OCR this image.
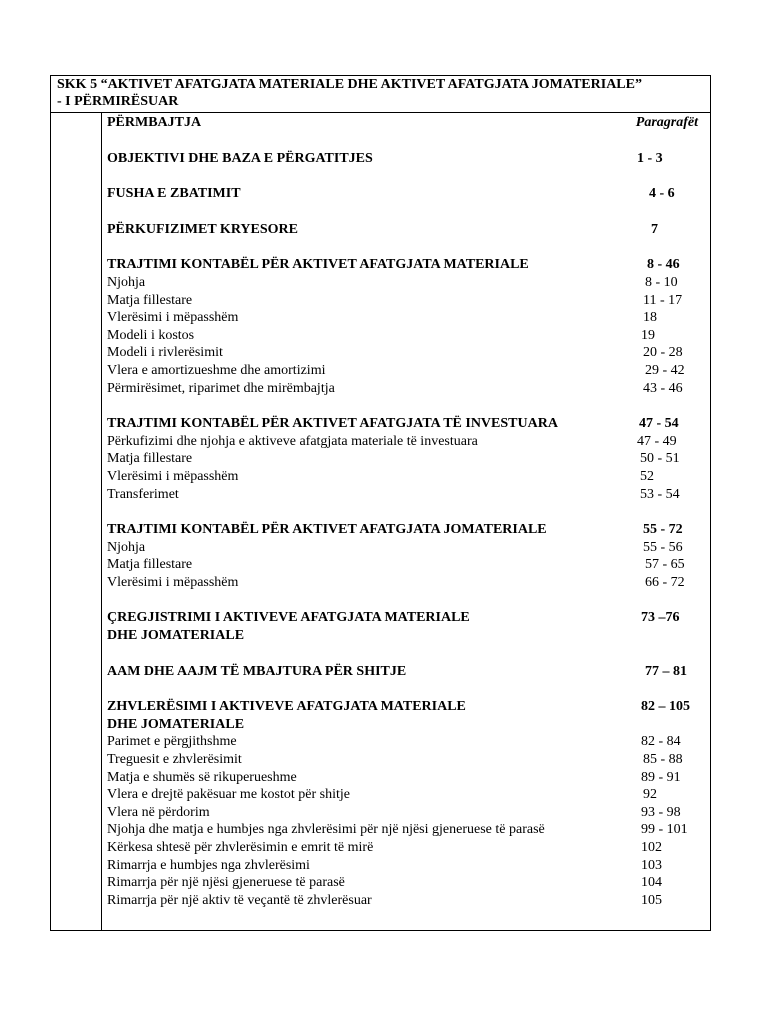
SKK 5 “AKTIVET AFATGJATA MATERIALE DHE AKTIVET AFATGJATA JOMATERIALE”
- I PËRMIRËSUAR
PËRMBAJTJA	Paragrafët
OBJEKTIVI DHE BAZA E PËRGATITJES	1 - 3
FUSHA E ZBATIMIT	4 - 6
PËRKUFIZIMET KRYESORE	7
TRAJTIMI KONTABËL PËR AKTIVET AFATGJATA MATERIALE	8 - 46
Njohja	8 - 10
Matja fillestare	11 - 17
Vlerësimi i mëpasshëm	18
Modeli i kostos	19
Modeli i rivlerësimit	20 - 28
Vlera e amortizueshme dhe amortizimi	29 - 42
Përmirësimet, riparimet dhe mirëmbajtja	43 - 46
TRAJTIMI KONTABËL PËR AKTIVET AFATGJATA TË INVESTUARA	47 - 54
Përkufizimi dhe njohja e aktiveve afatgjata materiale të investuara	47 - 49
Matja fillestare	50 - 51
Vlerësimi i mëpasshëm	52
Transferimet	53 - 54
TRAJTIMI KONTABËL PËR AKTIVET AFATGJATA JOMATERIALE	55 - 72
Njohja	55 - 56
Matja fillestare	57 - 65
Vlerësimi i mëpasshëm	66 - 72
ÇREGJISTRIMI I AKTIVEVE AFATGJATA MATERIALE	73 –76
DHE JOMATERIALE
AAM DHE AAJM TË MBAJTURA PËR SHITJE	77 – 81
ZHVLERËSIMI I AKTIVEVE AFATGJATA MATERIALE	82 – 105
DHE JOMATERIALE
Parimet e përgjithshme	82 - 84
Treguesit e zhvlerësimit	85 - 88
Matja e shumës së rikuperueshme	89 - 91
Vlera e drejtë pakësuar me kostot për shitje	92
Vlera në përdorim	93 - 98
Njohja dhe matja e humbjes nga zhvlerësimi për një njësi gjeneruese të parasë	99 - 101
Kërkesa shtesë për zhvlerësimin e emrit të mirë	102
Rimarrja e humbjes nga zhvlerësimi	103
Rimarrja për një njësi gjeneruese të parasë	104
Rimarrja për një aktiv të veçantë të zhvlerësuar	105
